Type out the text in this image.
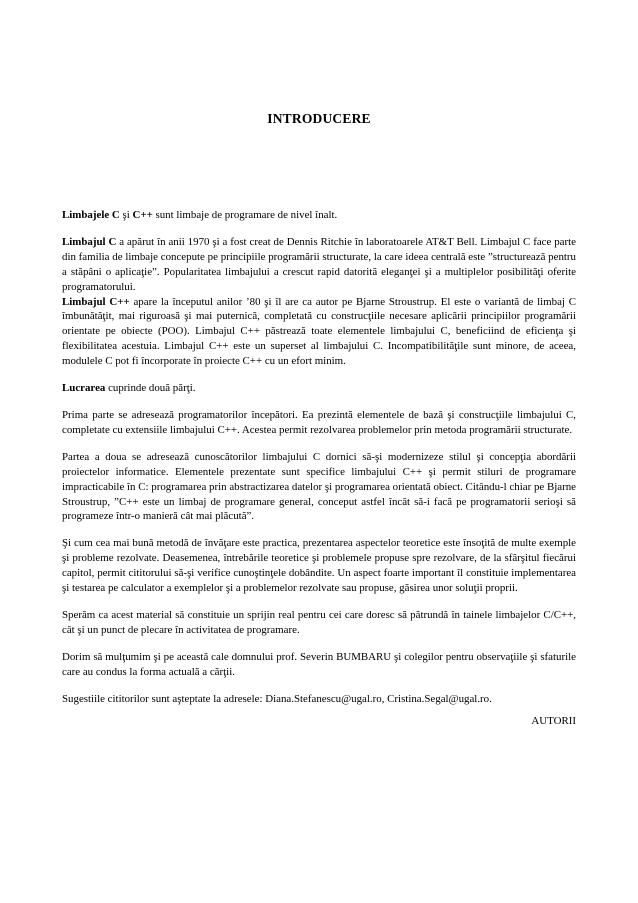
INTRODUCERE

Limbajele C şi C++ sunt limbaje de programare de nivel înalt.

Limbajul C a apărut în anii 1970 şi a fost creat de Dennis Ritchie în laboratoarele AT&T Bell. Limbajul C face parte din familia de limbaje concepute pe principiile programării structurate, la care ideea centrală este ”structurează pentru a stăpâni o aplicaţie”. Popularitatea limbajului a crescut rapid datorită eleganţei şi a multiplelor posibilităţi oferite programatorului.

Limbajul C++ apare la începutul anilor ’80 şi îl are ca autor pe Bjarne Stroustrup. El este o variantă de limbaj C îmbunătăţit, mai riguroasă şi mai puternică, completată cu construcţiile necesare aplicării principiilor programării orientate pe obiecte (POO). Limbajul C++ păstrează toate elementele limbajului C, beneficiind de eficienţa şi flexibilitatea acestuia. Limbajul C++ este un superset al limbajului C. Incompatibilităţile sunt minore, de aceea, modulele C pot fi încorporate în proiecte C++ cu un efort minim.

Lucrarea cuprinde două părţi.

Prima parte se adresează programatorilor începători. Ea prezintă elementele de bază şi construcţiile limbajului C, completate cu extensiile limbajului C++. Acestea permit rezolvarea problemelor prin metoda programării structurate.

Partea a doua se adresează cunoscătorilor limbajului C dornici să-şi modernizeze stilul şi concepţia abordării proiectelor informatice. Elementele prezentate sunt specifice limbajului C++ şi permit stiluri de programare impracticabile în C: programarea prin abstractizarea datelor şi programarea orientată obiect. Citându-l chiar pe Bjarne Stroustrup, ”C++ este un limbaj de programare general, conceput astfel încât să-i facă pe programatorii serioşi să programeze într-o manieră cât mai plăcută”.

Şi cum cea mai bună metodă de învăţare este practica, prezentarea aspectelor teoretice este însoţită de multe exemple şi probleme rezolvate. Deasemenea, întrebările teoretice şi problemele propuse spre rezolvare, de la sfârşitul fiecărui capitol, permit cititorului să-şi verifice cunoştinţele dobândite. Un aspect foarte important îl constituie implementarea şi testarea pe calculator a exemplelor şi a problemelor rezolvate sau propuse, găsirea unor soluţii proprii.

Sperăm ca acest material să constituie un sprijin real pentru cei care doresc să pătrundă în tainele limbajelor C/C++, cât şi un punct de plecare în activitatea de programare.

Dorim să mulţumim şi pe această cale domnului prof. Severin BUMBARU şi colegilor pentru observaţiile şi sfaturile care au condus la forma actuală a cărţii.

Sugestiile cititorilor sunt aşteptate la adresele: Diana.Stefanescu@ugal.ro, Cristina.Segal@ugal.ro.

AUTORII
